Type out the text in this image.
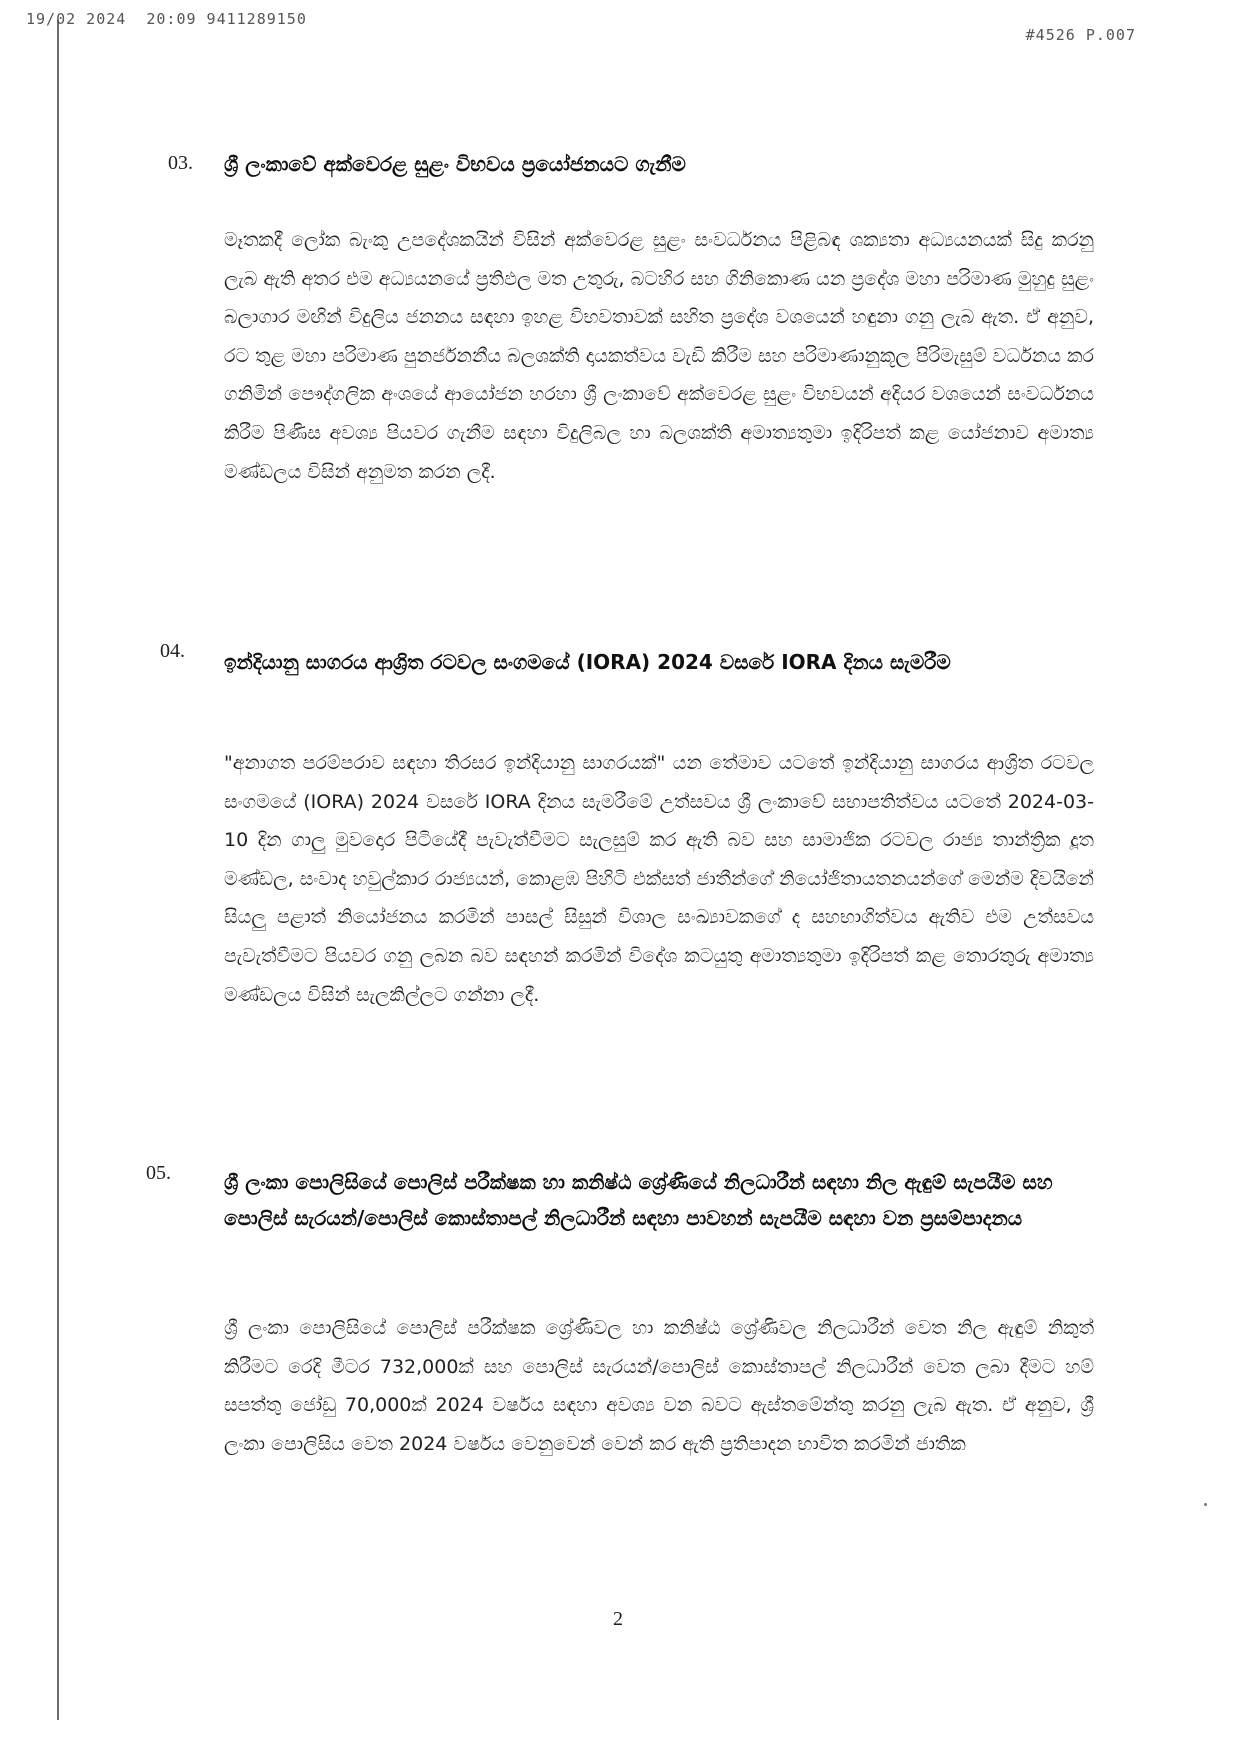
19/02 2024  20:09 9411289150
#4526 P.007
03. ශ්‍රී ලංකාවේ අක්වෙරළ සුළං විභවය ප්‍රයෝජනයට ගැනීම
මෑතකදී ලෝක බැංකු උපදේශකයින් විසින් අක්වෙරළ සුළං සංවර්ධනය පිළිබඳ ශක්‍යතා අධ්‍යයනයක් සිදු කරනු ලැබ ඇති අතර එම අධ්‍යයනයේ ප්‍රතිඵල මත උතුරු, බටහිර සහ ගිනිකොණ යන ප්‍රදේශ මහා පරිමාණ මුහුදු සුළං බලාගාර මඟින් විදුලිය ජනනය සඳහා ඉහළ විභවතාවක් සහිත ප්‍රදේශ වශයෙන් හඳුනා ගනු ලැබ ඇත. ඒ අනුව, රට තුළ මහා පරිමාණ පුනර්ජනනීය බලශක්ති දායකත්වය වැඩි කිරීම සහ පරිමාණානුකූල පිරිමැසුම් වර්ධනය කර ගනිමින් පෞද්ගලික අංශයේ ආයෝජන හරහා ශ්‍රී ලංකාවේ අක්වෙරළ සුළං විභවයන් අදියර වශයෙන් සංවර්ධනය කිරීම පිණිස අවශ්‍ය පියවර ගැනීම සඳහා විදුලිබල හා බලශක්ති අමාත්‍යතුමා ඉදිරිපත් කළ යෝජනාව අමාත්‍ය මණ්ඩලය විසින් අනුමත කරන ලදී.
04. ඉන්දියානු සාගරය ආශ්‍රිත රටවල සංගමයේ (IORA) 2024 වසරේ IORA දිනය සැමරීම
"අනාගත පරම්පරාව සඳහා තිරසර ඉන්දියානු සාගරයක්" යන තේමාව යටතේ ඉන්දියානු සාගරය ආශ්‍රිත රටවල සංගමයේ (IORA) 2024 වසරේ IORA දිනය සැමරීමේ උත්සවය ශ්‍රී ලංකාවේ සභාපතිත්වය යටතේ 2024-03-10 දින ගාලු මුවදොර පිටියේදී පැවැත්වීමට සැලසුම් කර ඇති බව සහ සාමාජික රටවල රාජ්‍ය තාන්ත්‍රික දූත මණ්ඩල, සංවාද හවුල්කාර රාජ්‍යයන්, කොළඹ පිහිටි එක්සත් ජාතීන්ගේ නියෝජිතායතනයන්ගේ මෙන්ම දිවයිනේ සියලු පළාත් නියෝජනය කරමින් පාසල් සිසුන් විශාල සංඛ්‍යාවකගේ ද සහභාගිත්වය ඇතිව එම උත්සවය පැවැත්වීමට පියවර ගනු ලබන බව සඳහන් කරමින් විදේශ කටයුතු අමාත්‍යතුමා ඉදිරිපත් කළ තොරතුරු අමාත්‍ය මණ්ඩලය විසින් සැලකිල්ලට ගන්නා ලදී.
05.	ශ්‍රී ලංකා පොලිසියේ පොලිස් පරීක්ෂක හා කනිෂ්ඨ ශ්‍රේණියේ නිලධාරීන් සඳහා නිල ඇඳුම් සැපයීම සහ පොලිස් සැරයන්/පොලිස් කොස්තාපල් නිලධාරීන් සඳහා පාවහන් සැපයීම සඳහා වන ප්‍රසම්පාදනය
ශ්‍රී ලංකා පොලිසියේ පොලිස් පරීක්ෂක ශ්‍රේණිවල හා කනිෂ්ඨ ශ්‍රේණිවල නිලධාරීන් වෙත නිල ඇඳුම් නිකුත් කිරීමට රෙදි මීටර 732,000ක් සහ පොලිස් සැරයන්/පොලිස් කොස්තාපල් නිලධාරීන් වෙත ලබා දීමට හම් සපත්තු ජෝඩු 70,000ක් 2024 වර්ෂය සඳහා අවශ්‍ය වන බවට ඇස්තමේන්තු කරනු ලැබ ඇත. ඒ අනුව, ශ්‍රී ලංකා පොලිසිය වෙත 2024 වර්ෂය වෙනුවෙන් වෙන් කර ඇති ප්‍රතිපාදන භාවිත කරමින් ජාතික
2
